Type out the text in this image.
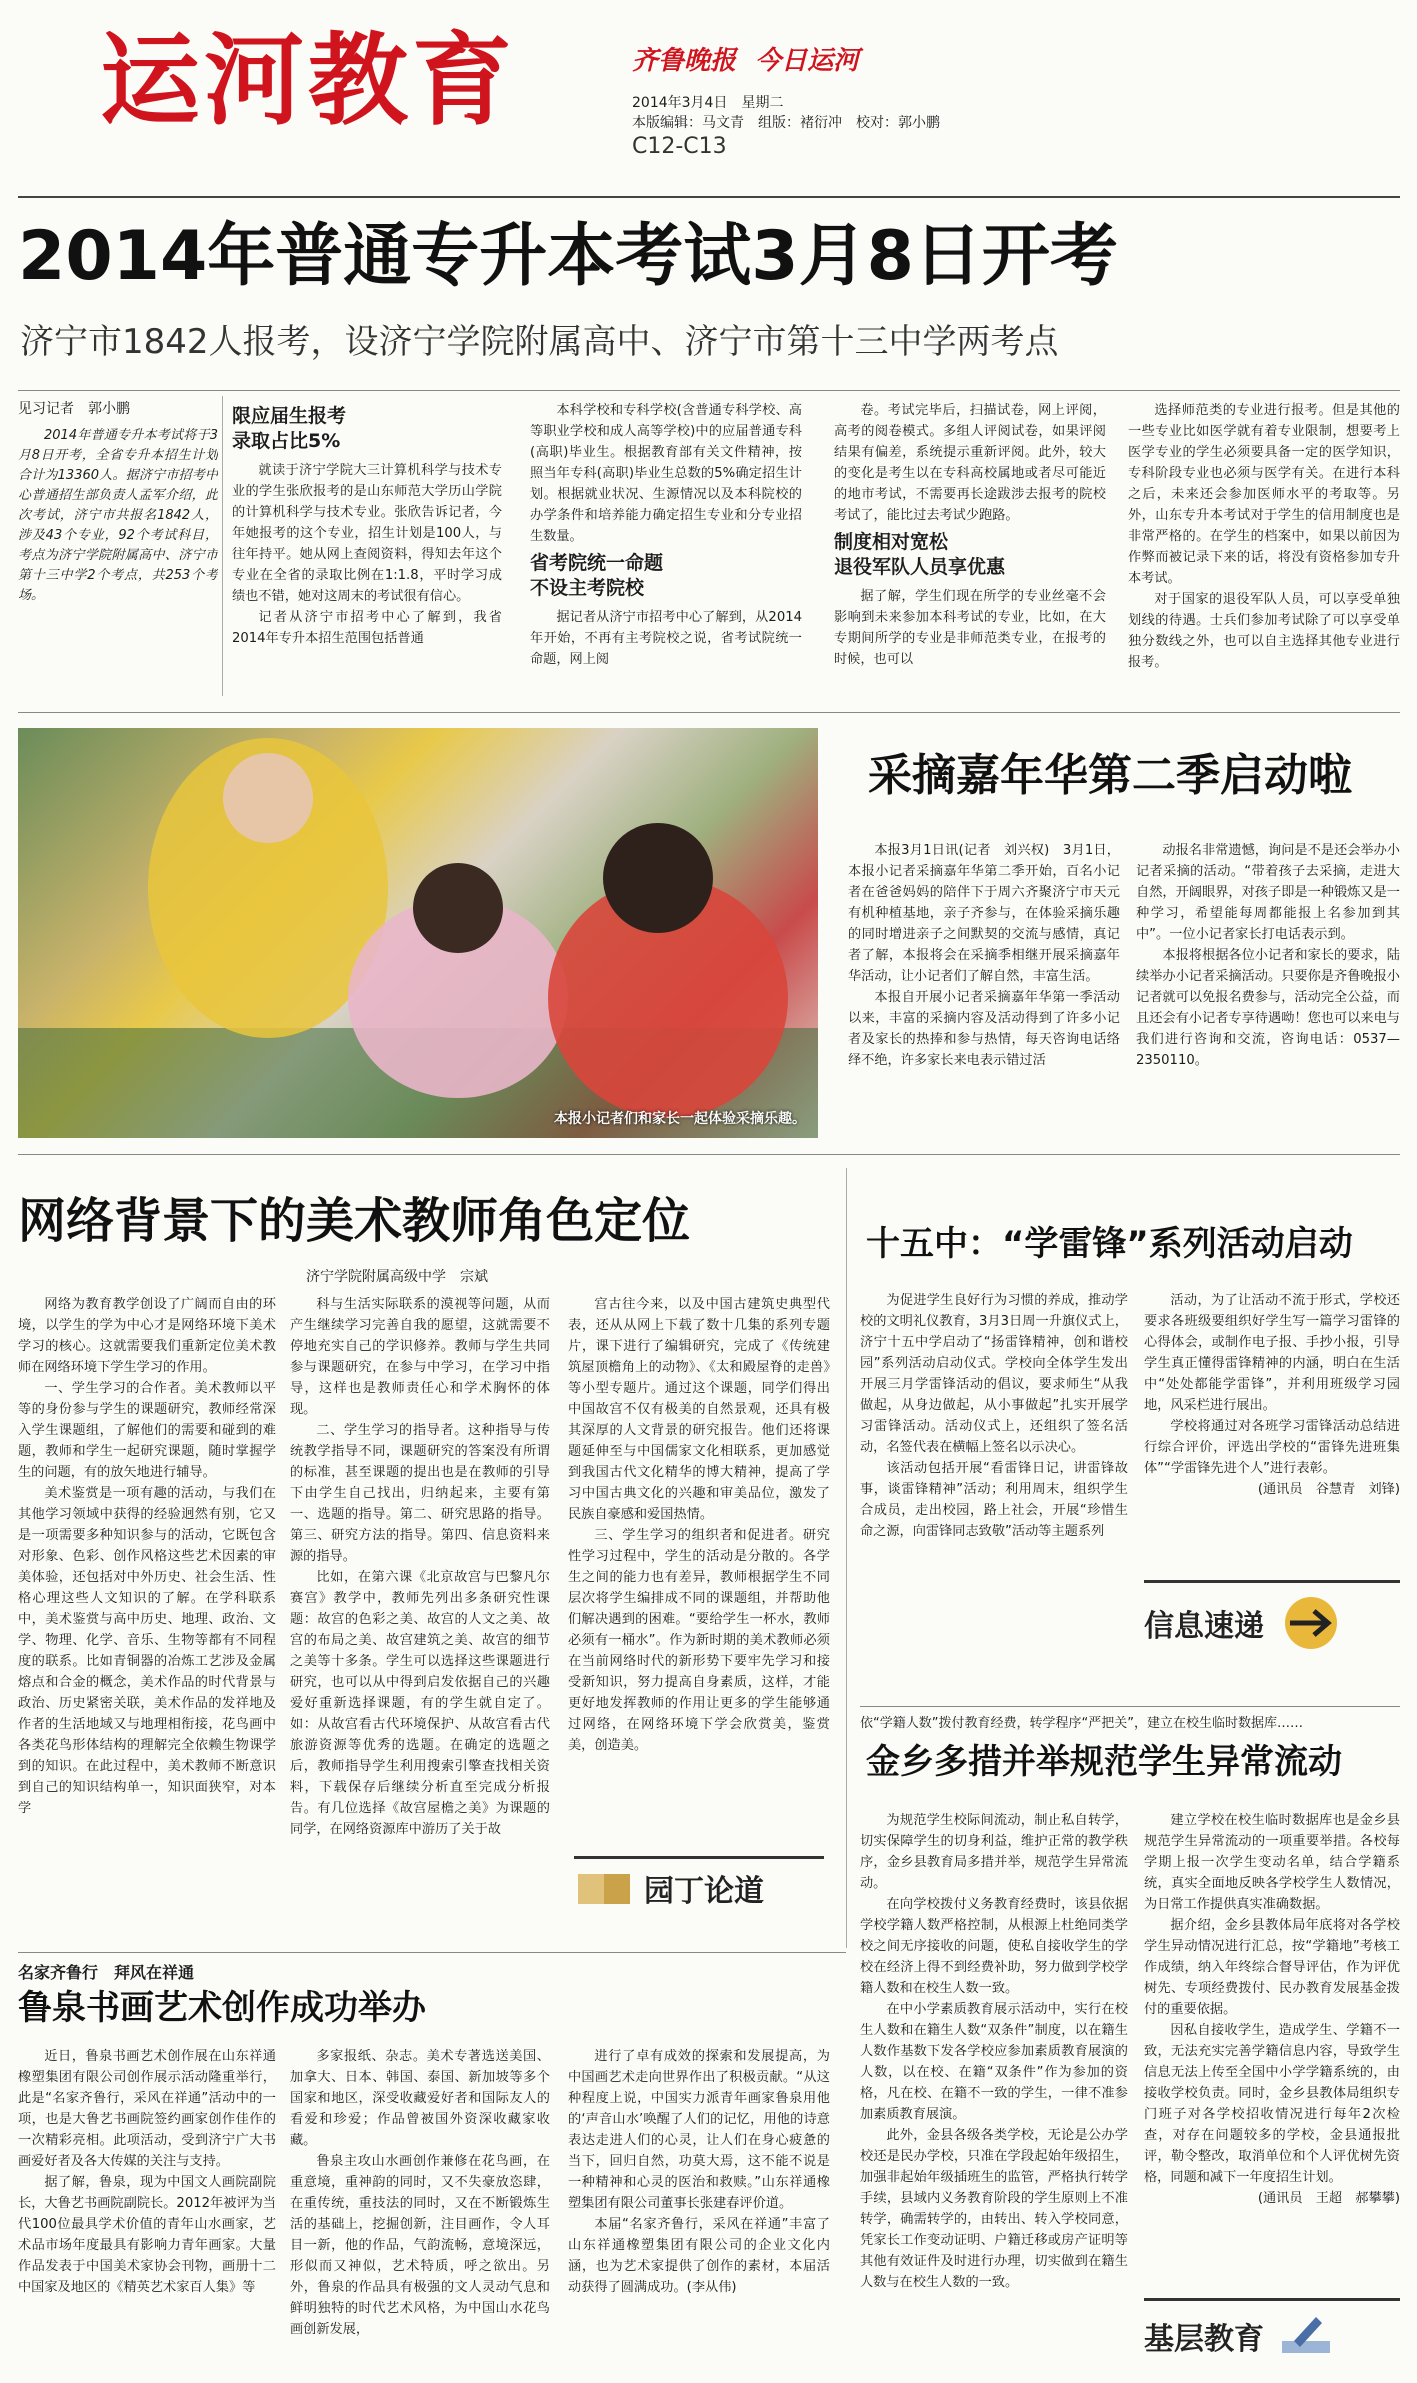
运河教育	齐鲁晚报 今日运河
2014年3月4日　星期二
本版编辑：马文青　组版：褚衍冲　校对：郭小鹏
C12-C13
2014年普通专升本考试3月8日开考
济宁市1842人报考，设济宁学院附属高中、济宁市第十三中学两考点
见习记者　郭小鹏

2014年普通专升本考试将于3月8日开考，全省专升本招生计划合计为13360人。据济宁市招考中心普通招生部负责人孟军介绍，此次考试，济宁市共报名1842人，涉及43个专业，92个考试科目，考点为济宁学院附属高中、济宁市第十三中学2个考点，共253个考场。

限应届生报考
录取占比5%

就读于济宁学院大三计算机科学与技术专业的学生张欣报考的是山东师范大学历山学院的计算机科学与技术专业。张欣告诉记者，今年她报考的这个专业，招生计划是100人，与往年持平。她从网上查阅资料，得知去年这个专业在全省的录取比例在1:1.8，平时学习成绩也不错，她对这周末的考试很有信心。

记者从济宁市招考中心了解到，我省2014年专升本招生范围包括普通

本科学校和专科学校(含普通专科学校、高等职业学校和成人高等学校)中的应届普通专科(高职)毕业生。根据教育部有关文件精神，按照当年专科(高职)毕业生总数的5%确定招生计划。根据就业状况、生源情况以及本科院校的办学条件和培养能力确定招生专业和分专业招生数量。

省考院统一命题
不设主考院校

据记者从济宁市招考中心了解到，从2014年开始，不再有主考院校之说，省考试院统一命题，网上阅

卷。考试完毕后，扫描试卷，网上评阅，高考的阅卷模式。多组人评阅试卷，如果评阅结果有偏差，系统提示重新评阅。此外，较大的变化是考生以在专科高校属地或者尽可能近的地市考试，不需要再长途跋涉去报考的院校考试了，能比过去考试少跑路。

制度相对宽松
退役军队人员享优惠

据了解，学生们现在所学的专业丝毫不会影响到未来参加本科考试的专业，比如，在大专期间所学的专业是非师范类专业，在报考的时候，也可以

选择师范类的专业进行报考。但是其他的一些专业比如医学就有着专业限制，想要考上医学专业的学生必须要具备一定的医学知识，专科阶段专业也必须与医学有关。在进行本科之后，未来还会参加医师水平的考取等。另外，山东专升本考试对于学生的信用制度也是非常严格的。在学生的档案中，如果以前因为作弊而被记录下来的话，将没有资格参加专升本考试。

对于国家的退役军队人员，可以享受单独划线的待遇。士兵们参加考试除了可以享受单独分数线之外，也可以自主选择其他专业进行报考。

本报小记者们和家长一起体验采摘乐趣。
采摘嘉年华第二季启动啦

本报3月1日讯(记者　刘兴权)　3月1日，本报小记者采摘嘉年华第二季开始，百名小记者在爸爸妈妈的陪伴下于周六齐聚济宁市天元有机种植基地，亲子齐参与，在体验采摘乐趣的同时增进亲子之间默契的交流与感情，真记者了解，本报将会在采摘季相继开展采摘嘉年华活动，让小记者们了解自然，丰富生活。

本报自开展小记者采摘嘉年华第一季活动以来，丰富的采摘内容及活动得到了许多小记者及家长的热捧和参与热情，每天咨询电话络绎不绝，许多家长来电表示错过活

动报名非常遗憾，询问是不是还会举办小记者采摘的活动。“带着孩子去采摘，走进大自然，开阔眼界，对孩子即是一种锻炼又是一种学习，希望能每周都能报上名参加到其中”。一位小记者家长打电话表示到。

本报将根据各位小记者和家长的要求，陆续举办小记者采摘活动。只要你是齐鲁晚报小记者就可以免报名费参与，活动完全公益，而且还会有小记者专享待遇呦！您也可以来电与我们进行咨询和交流，咨询电话：0537—2350110。

网络背景下的美术教师角色定位
济宁学院附属高级中学　宗斌

网络为教育教学创设了广阔而自由的环境，以学生的学为中心才是网络环境下美术学习的核心。这就需要我们重新定位美术教师在网络环境下学生学习的作用。

一、学生学习的合作者。美术教师以平等的身份参与学生的课题研究，教师经常深入学生课题组，了解他们的需要和碰到的难题，教师和学生一起研究课题，随时掌握学生的问题，有的放矢地进行辅导。

美术鉴赏是一项有趣的活动，与我们在其他学习领域中获得的经验迥然有别，它又是一项需要多种知识参与的活动，它既包含对形象、色彩、创作风格这些艺术因素的审美体验，还包括对中外历史、社会生活、性格心理这些人文知识的了解。在学科联系中，美术鉴赏与高中历史、地理、政治、文学、物理、化学、音乐、生物等都有不同程度的联系。比如青铜器的冶炼工艺涉及金属熔点和合金的概念，美术作品的时代背景与政治、历史紧密关联，美术作品的发祥地及作者的生活地域又与地理相衔接，花鸟画中各类花鸟形体结构的理解完全依赖生物课学到的知识。在此过程中，美术教师不断意识到自己的知识结构单一，知识面狭窄，对本学

科与生活实际联系的漠视等问题，从而产生继续学习完善自我的愿望，这就需要不停地充实自己的学识修养。教师与学生共同参与课题研究，在参与中学习，在学习中指导，这样也是教师责任心和学术胸怀的体现。

二、学生学习的指导者。这种指导与传统教学指导不同，课题研究的答案没有所谓的标准，甚至课题的提出也是在教师的引导下由学生自己找出，归纳起来，主要有第一、选题的指导。第二、研究思路的指导。第三、研究方法的指导。第四、信息资料来源的指导。

比如，在第六课《北京故宫与巴黎凡尔赛宫》教学中，教师先列出多条研究性课题：故宫的色彩之美、故宫的人文之美、故宫的布局之美、故宫建筑之美、故宫的细节之美等十多条。学生可以选择这些课题进行研究，也可以从中得到启发依据自己的兴趣爱好重新选择课题，有的学生就自定了。如：从故宫看古代环境保护、从故宫看古代旅游资源等优秀的选题。在确定的选题之后，教师指导学生利用搜索引擎查找相关资料，下载保存后继续分析直至完成分析报告。有几位选择《故宫屋檐之美》为课题的同学，在网络资源库中游历了关于故

宫古往今来，以及中国古建筑史典型代表，还从从网上下载了数十几集的系列专题片，课下进行了编辑研究，完成了《传统建筑屋顶檐角上的动物》、《太和殿屋脊的走兽》等小型专题片。通过这个课题，同学们得出中国故宫不仅有极美的自然景观，还具有极其深厚的人文背景的研究报告。他们还将课题延伸至与中国儒家文化相联系，更加感觉到我国古代文化精华的博大精神，提高了学习中国古典文化的兴趣和审美品位，激发了民族自豪感和爱国热情。

三、学生学习的组织者和促进者。研究性学习过程中，学生的活动是分散的。各学生之间的能力也有差异，教师根据学生不同层次将学生编排成不同的课题组，并帮助他们解决遇到的困难。“要给学生一杯水，教师必须有一桶水”。作为新时期的美术教师必须在当前网络时代的新形势下要牢先学习和接受新知识，努力提高自身素质，这样，才能更好地发挥教师的作用让更多的学生能够通过网络，在网络环境下学会欣赏美，鉴赏美，创造美。

园丁论道
十五中：“学雷锋”系列活动启动

为促进学生良好行为习惯的养成，推动学校的文明礼仪教育，3月3日周一升旗仪式上，济宁十五中学启动了“扬雷锋精神，创和谐校园”系列活动启动仪式。学校向全体学生发出开展三月学雷锋活动的倡议，要求师生“从我做起，从身边做起，从小事做起”扎实开展学习雷锋活动。活动仪式上，还组织了签名活动，名签代表在横幅上签名以示决心。

该活动包括开展“看雷锋日记，讲雷锋故事，谈雷锋精神”活动；利用周末，组织学生合成员，走出校园，路上社会，开展“珍惜生命之源，向雷锋同志致敬”活动等主题系列

活动，为了让活动不流于形式，学校还要求各班级要组织好学生写一篇学习雷锋的心得体会，或制作电子报、手抄小报，引导学生真正懂得雷锋精神的内涵，明白在生活中“处处都能学雷锋”，并利用班级学习园地，风采栏进行展出。

学校将通过对各班学习雷锋活动总结进行综合评价，评选出学校的“雷锋先进班集体”“学雷锋先进个人”进行表彰。

(通讯员　谷慧青　刘锋)
信息速递
依“学籍人数”拨付教育经费，转学程序“严把关”，建立在校生临时数据库……
金乡多措并举规范学生异常流动

为规范学生校际间流动，制止私自转学，切实保障学生的切身利益，维护正常的教学秩序，金乡县教育局多措并举，规范学生异常流动。

在向学校拨付义务教育经费时，该县依据学校学籍人数严格控制，从根源上杜绝同类学校之间无序接收的问题，使私自接收学生的学校在经济上得不到经费补助，努力做到学校学籍人数和在校生人数一致。

在中小学素质教育展示活动中，实行在校生人数和在籍生人数“双条件”制度，以在籍生人数作基数下发各学校应参加素质教育展演的人数，以在校、在籍“双条件”作为参加的资格，凡在校、在籍不一致的学生，一律不准参加素质教育展演。

此外，金县各级各类学校，无论是公办学校还是民办学校，只准在学段起始年级招生，加强非起始年级插班生的监管，严格执行转学手续，县域内义务教育阶段的学生原则上不准转学，确需转学的，由转出、转入学校同意，凭家长工作变动证明、户籍迁移或房产证明等其他有效证件及时进行办理，切实做到在籍生人数与在校生人数的一致。

建立学校在校生临时数据库也是金乡县规范学生异常流动的一项重要举措。各校每学期上报一次学生变动名单，结合学籍系统，真实全面地反映各学校学生人数情况，为日常工作提供真实准确数据。

据介绍，金乡县教体局年底将对各学校学生异动情况进行汇总，按“学籍地”考核工作成绩，纳入年终综合督导评估，作为评优树先、专项经费拨付、民办教育发展基金拨付的重要依据。

因私自接收学生，造成学生、学籍不一致，无法充实完善学籍信息内容，导致学生信息无法上传至全国中小学学籍系统的，由接收学校负责。同时，金乡县教体局组织专门班子对各学校招收情况进行每年2次检查，对存在问题较多的学校，金县通报批评，勒令整改，取消单位和个人评优树先资格，同题和减下一年度招生计划。

(通讯员　王超　郝攀攀)
基层教育
名家齐鲁行　拜风在祥通
鲁泉书画艺术创作成功举办

近日，鲁泉书画艺术创作展在山东祥通橡塑集团有限公司创作展示活动隆重举行，此是“名家齐鲁行，采风在祥通”活动中的一项，也是大鲁艺书画院签约画家创作佳作的一次精彩亮相。此项活动，受到济宁广大书画爱好者及各大传媒的关注与支持。

据了解，鲁泉，现为中国文人画院副院长，大鲁艺书画院副院长。2012年被评为当代100位最具学术价值的青年山水画家，艺术品市场年度最具有影响力青年画家。大量作品发表于中国美术家协会刊物，画册十二中国家及地区的《精英艺术家百人集》等

多家报纸、杂志。美术专著选送美国、加拿大、日本、韩国、泰国、新加坡等多个国家和地区，深受收藏爱好者和国际友人的看爱和珍爱；作品曾被国外资深收藏家收藏。

鲁泉主攻山水画创作兼修在花鸟画，在重意境，重神韵的同时，又不失豪放恣肆，在重传统，重技法的同时，又在不断锻炼生活的基础上，挖掘创新，注目画作，令人耳目一新，他的作品，气韵流畅，意境深远，形似而又神似，艺术特质，呼之欲出。另外，鲁泉的作品具有极强的文人灵动气息和鲜明独特的时代艺术风格，为中国山水花鸟画创新发展，

进行了卓有成效的探索和发展提高，为中国画艺术走向世界作出了积极贡献。“从这种程度上说，中国实力派青年画家鲁泉用他的‘声音山水’唤醒了人们的记忆，用他的诗意表达走进人们的心灵，让人们在身心疲惫的当下，回归自然，功莫大焉，这不能不说是一种精神和心灵的医治和救赎。”山东祥通橡塑集团有限公司董事长张建春评价道。

本届“名家齐鲁行，采风在祥通”丰富了山东祥通橡塑集团有限公司的企业文化内涵，也为艺术家提供了创作的素材，本届活动获得了圆满成功。(李从伟)
